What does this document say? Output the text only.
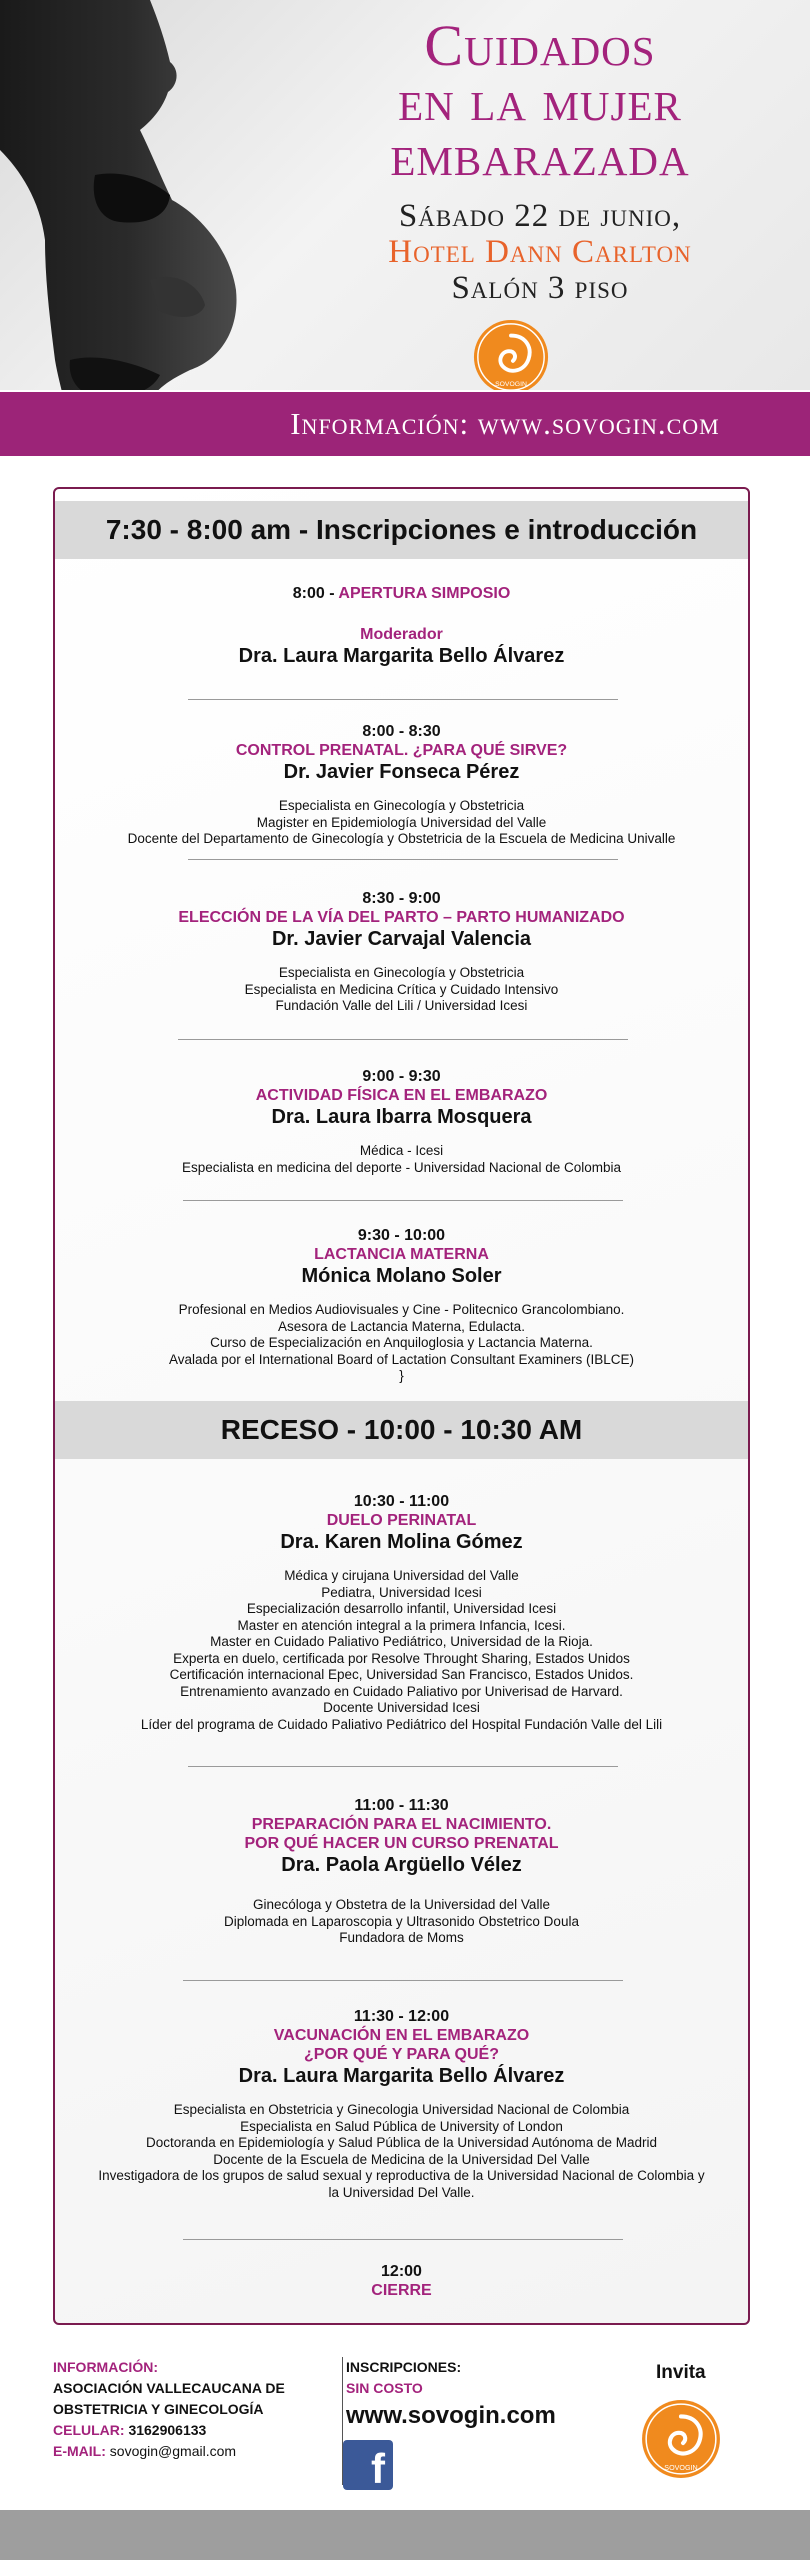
Cuidados
en la mujer
embarazada
Sábado 22 de junio,
Hotel Dann Carlton
Salón 3 piso
SOVOGIN
Información: www.sovogin.com
7:30 - 8:00 am - Inscripciones e introducción
8:00 - APERTURA SIMPOSIO
Moderador
Dra. Laura Margarita Bello Álvarez
8:00 - 8:30
CONTROL PRENATAL. ¿PARA QUÉ SIRVE?
Dr. Javier Fonseca Pérez
Especialista en Ginecología y Obstetricia
Magister en Epidemiología Universidad del Valle
Docente del Departamento de Ginecología y Obstetricia de la Escuela de Medicina Univalle
8:30 - 9:00
ELECCIÓN DE LA VÍA DEL PARTO – PARTO HUMANIZADO
Dr. Javier Carvajal Valencia
Especialista en Ginecología y Obstetricia
Especialista en Medicina Crítica y Cuidado Intensivo
Fundación Valle del Lili / Universidad Icesi
9:00 - 9:30
ACTIVIDAD FÍSICA EN EL EMBARAZO
Dra. Laura Ibarra Mosquera
Médica - Icesi
Especialista en medicina del deporte - Universidad Nacional de Colombia
9:30 - 10:00
LACTANCIA MATERNA
Mónica Molano Soler
Profesional en Medios Audiovisuales y Cine - Politecnico Grancolombiano.
Asesora de Lactancia Materna, Edulacta.
Curso de Especialización en Anquiloglosia y Lactancia Materna.
Avalada por el International Board of Lactation Consultant Examiners (IBLCE)
}
RECESO - 10:00 - 10:30 AM
10:30 - 11:00
DUELO PERINATAL
Dra. Karen Molina Gómez
Médica y cirujana Universidad del Valle
Pediatra, Universidad Icesi
Especialización desarrollo infantil, Universidad Icesi
Master en atención integral a la primera Infancia, Icesi.
Master en Cuidado Paliativo Pediátrico, Universidad de la Rioja.
Experta en duelo, certificada por Resolve Throught Sharing, Estados Unidos
Certificación internacional Epec, Universidad San Francisco, Estados Unidos.
Entrenamiento avanzado en Cuidado Paliativo por Univerisad de Harvard.
Docente Universidad Icesi
Líder del programa de Cuidado Paliativo Pediátrico del Hospital Fundación Valle del Lili
11:00 - 11:30
PREPARACIÓN PARA EL NACIMIENTO.
POR QUÉ HACER UN CURSO PRENATAL
Dra. Paola Argüello Vélez
Ginecóloga y Obstetra de la Universidad del Valle
Diplomada en Laparoscopia y Ultrasonido Obstetrico Doula
Fundadora de Moms
11:30 - 12:00
VACUNACIÓN EN EL EMBARAZO
¿POR QUÉ Y PARA QUÉ?
Dra. Laura Margarita Bello Álvarez
Especialista en Obstetricia y Ginecologia Universidad Nacional de Colombia
Especialista en Salud Pública de University of London
Doctoranda en Epidemiología y Salud Pública de la Universidad Autónoma de Madrid
Docente de la Escuela de Medicina de la Universidad Del Valle
Investigadora de los grupos de salud sexual y reproductiva de la Universidad Nacional de Colombia y
la Universidad Del Valle.
12:00
CIERRE
INFORMACIÓN:
ASOCIACIÓN VALLECAUCANA DE
OBSTETRICIA Y GINECOLOGÍA
CELULAR: 3162906133
E-MAIL: sovogin@gmail.com
INSCRIPCIONES:
SIN COSTO
www.sovogin.com
f
Invita
SOVOGIN
